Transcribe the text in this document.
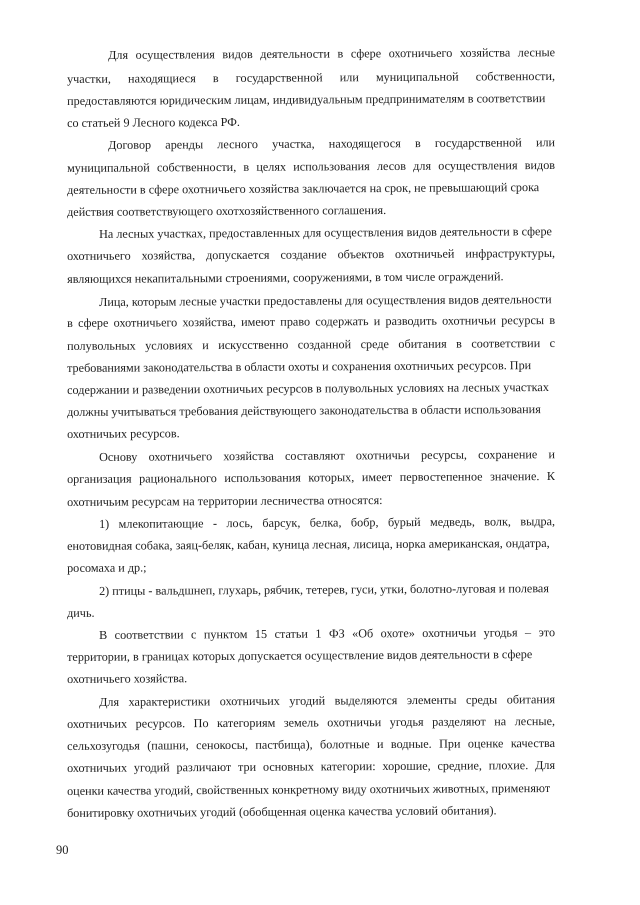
Для осуществления видов деятельности в сфере охотничьего хозяйства лесные

участки, находящиеся в государственной или муниципальной собственности,

предоставляются юридическим лицам, индивидуальным предпринимателям в соответствии

со статьей 9 Лесного кодекса РФ.

Договор аренды лесного участка, находящегося в государственной или

муниципальной собственности, в целях использования лесов для осуществления видов

деятельности в сфере охотничьего хозяйства заключается на срок, не превышающий срока

действия соответствующего охотхозяйственного соглашения.

На лесных участках, предоставленных для осуществления видов деятельности в сфере

охотничьего хозяйства, допускается создание объектов охотничьей инфраструктуры,

являющихся некапитальными строениями, сооружениями, в том числе ограждений.

Лица, которым лесные участки предоставлены для осуществления видов деятельности

в сфере охотничьего хозяйства, имеют право содержать и разводить охотничьи ресурсы в

полувольных условиях и искусственно созданной среде обитания в соответствии с

требованиями законодательства в области охоты и сохранения охотничьих ресурсов. При

содержании и разведении охотничьих ресурсов в полувольных условиях на лесных участках

должны учитываться требования действующего законодательства в области использования

охотничьих ресурсов.

Основу охотничьего хозяйства составляют охотничьи ресурсы, сохранение и

организация рационального использования которых, имеет первостепенное значение. К

охотничьим ресурсам на территории лесничества относятся:

1) млекопитающие - лось, барсук, белка, бобр, бурый медведь, волк, выдра,

енотовидная собака, заяц-беляк, кабан, куница лесная, лисица, норка американская, ондатра,

росомаха и др.;

2) птицы - вальдшнеп, глухарь, рябчик, тетерев, гуси, утки, болотно-луговая и полевая

дичь.

В соответствии с пунктом 15 статьи 1 ФЗ «Об охоте» охотничьи угодья – это

территории, в границах которых допускается осуществление видов деятельности в сфере

охотничьего хозяйства.

Для характеристики охотничьих угодий выделяются элементы среды обитания

охотничьих ресурсов. По категориям земель охотничьи угодья разделяют на лесные,

сельхозугодья (пашни, сенокосы, пастбища), болотные и водные. При оценке качества

охотничьих угодий различают три основных категории: хорошие, средние, плохие. Для

оценки качества угодий, свойственных конкретному виду охотничьих животных, применяют

бонитировку охотничьих угодий (обобщенная оценка качества условий обитания).

90
